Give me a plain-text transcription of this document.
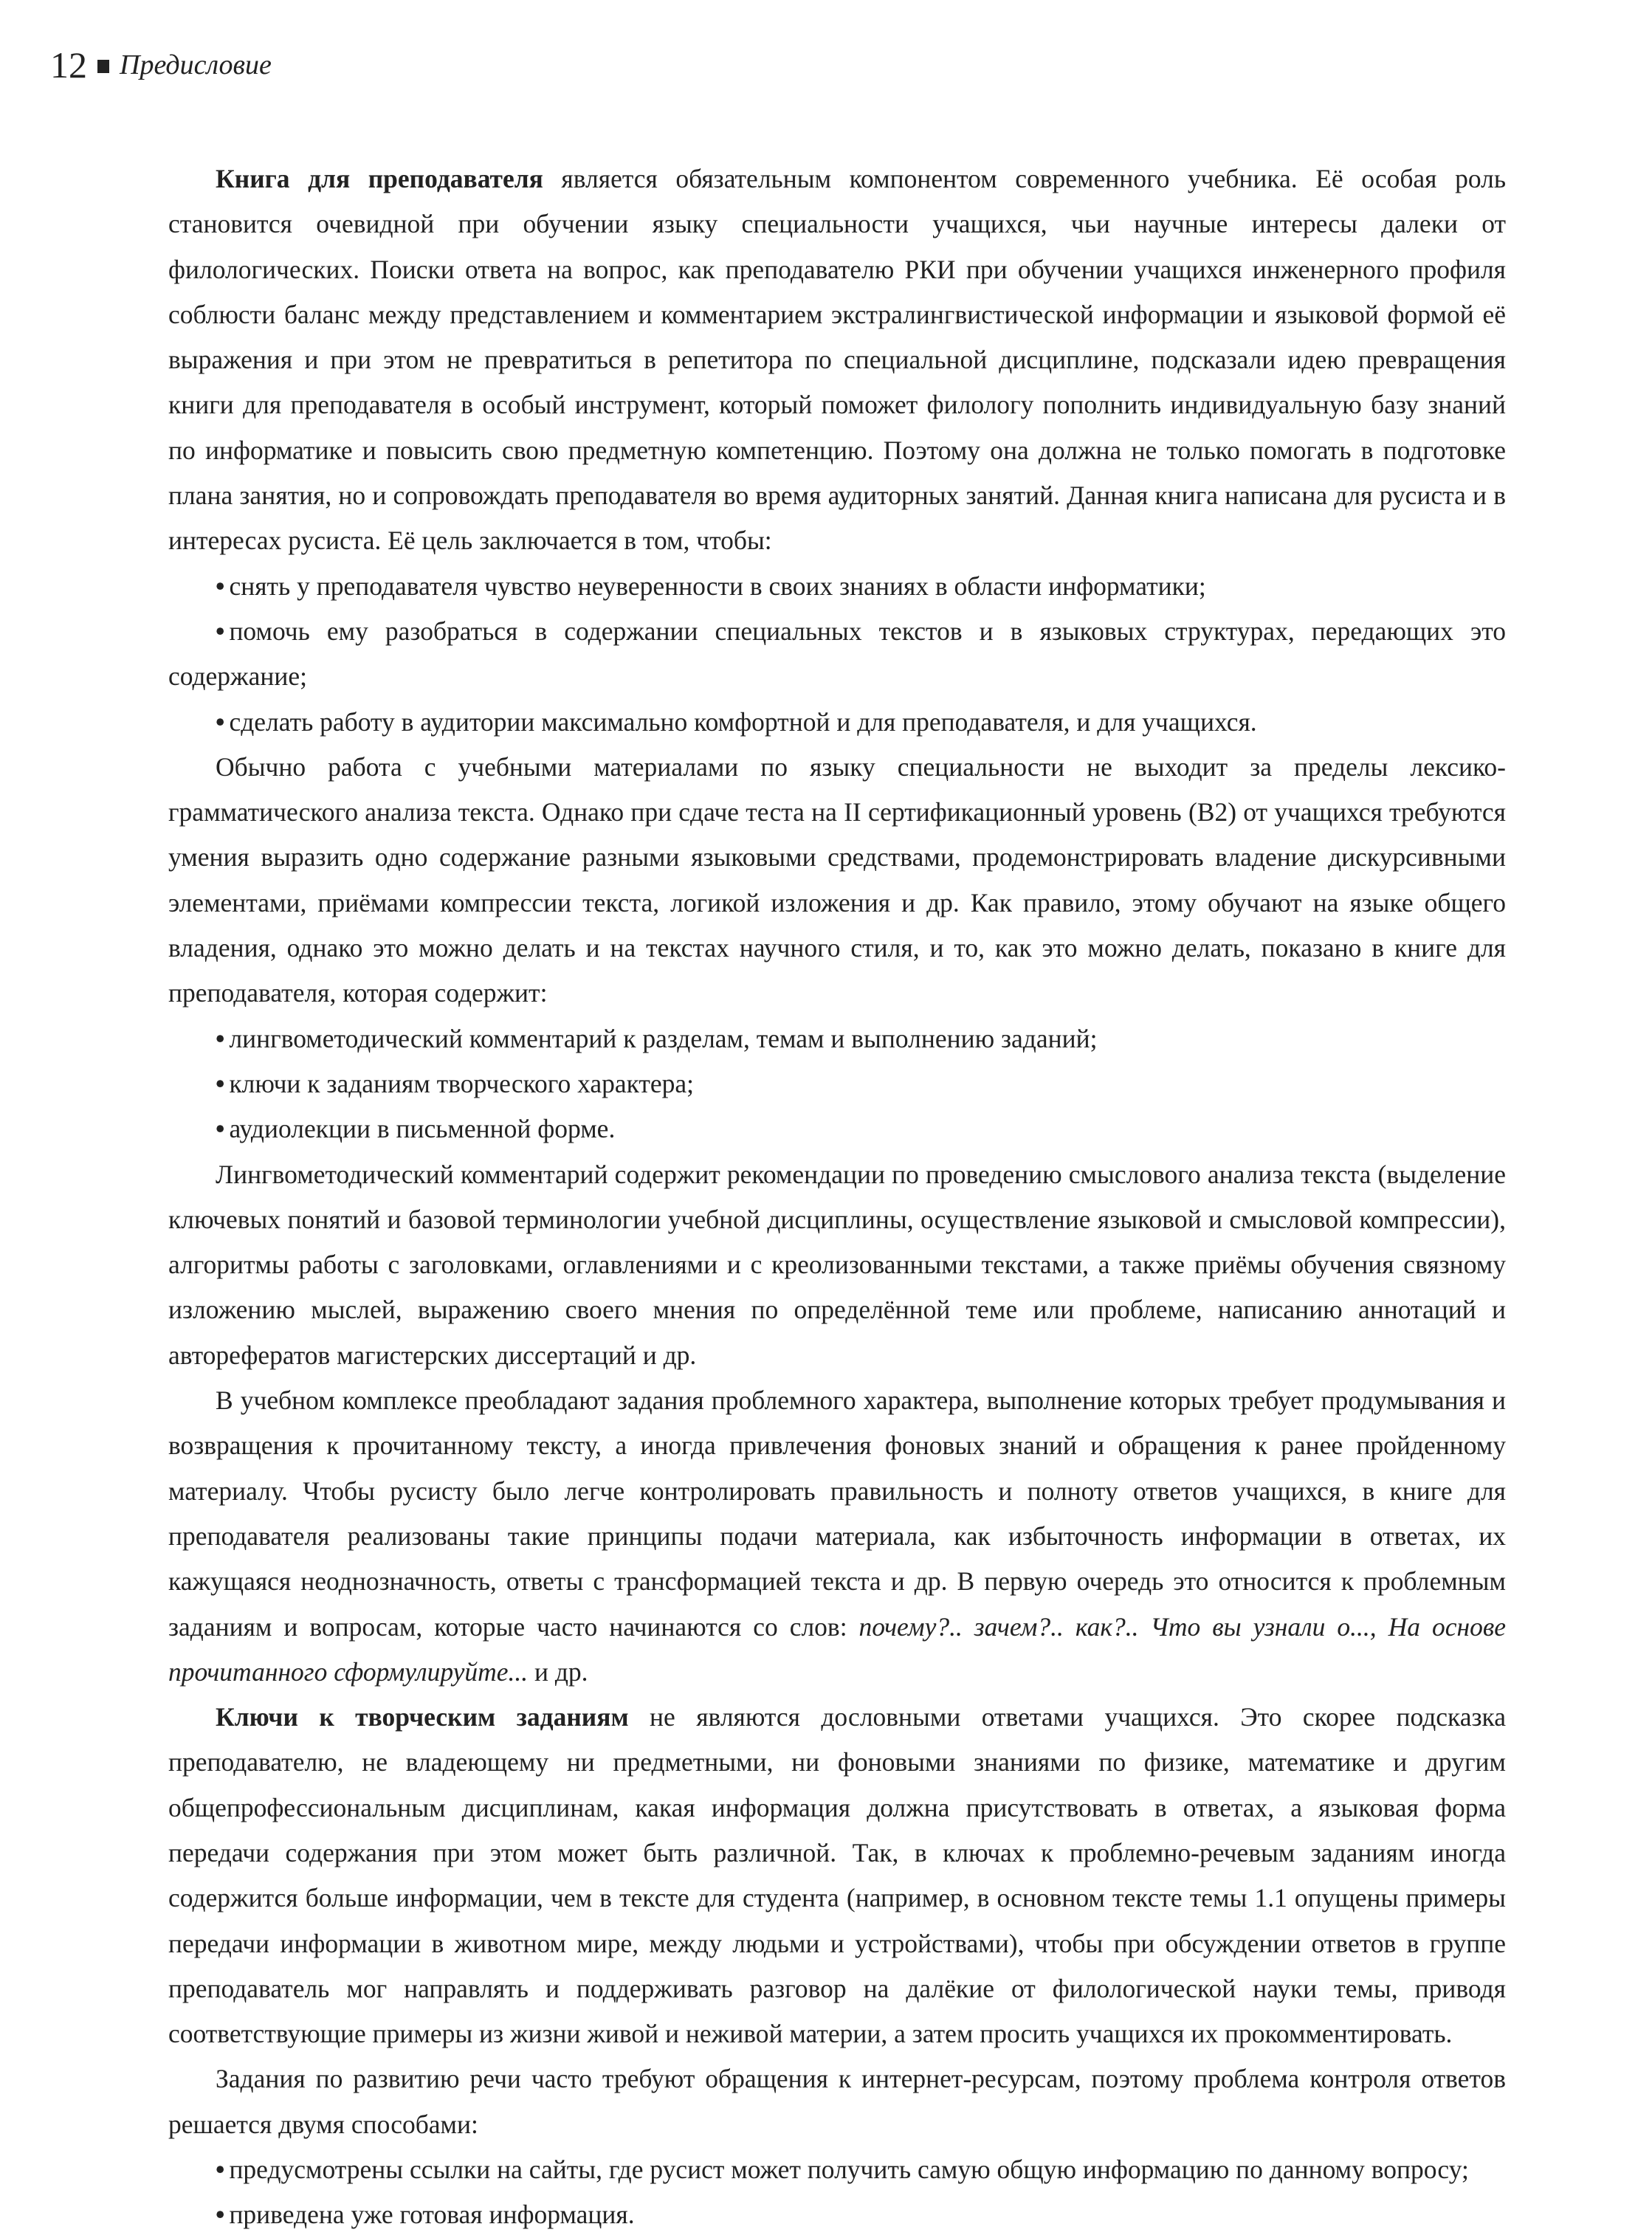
12 Предисловие

Книга для преподавателя является обязательным компонентом современного учебника. Её особая роль становится очевидной при обучении языку специальности учащихся, чьи научные интересы далеки от филологических. Поиски ответа на вопрос, как преподавателю РКИ при обучении учащихся инженерного профиля соблюсти баланс между представлением и комментарием экстралингвистической информации и языковой формой её выражения и при этом не превратиться в репетитора по специальной дисциплине, подсказали идею превращения книги для преподавателя в особый инструмент, который поможет филологу пополнить индивидуальную базу знаний по информатике и повысить свою предметную компетенцию. Поэтому она должна не только помогать в подготовке плана занятия, но и сопровождать преподавателя во время аудиторных занятий. Данная книга написана для русиста и в интересах русиста. Её цель заключается в том, чтобы:

• снять у преподавателя чувство неуверенности в своих знаниях в области информатики;

• помочь ему разобраться в содержании специальных текстов и в языковых структурах, передающих это содержание;

• сделать работу в аудитории максимально комфортной и для преподавателя, и для учащихся.

Обычно работа с учебными материалами по языку специальности не выходит за пределы лексико-грамматического анализа текста. Однако при сдаче теста на II сертификационный уровень (В2) от учащихся требуются умения выразить одно содержание разными языковыми средствами, продемонстрировать владение дискурсивными элементами, приёмами компрессии текста, логикой изложения и др. Как правило, этому обучают на языке общего владения, однако это можно делать и на текстах научного стиля, и то, как это можно делать, показано в книге для преподавателя, которая содержит:

• лингвометодический комментарий к разделам, темам и выполнению заданий;

• ключи к заданиям творческого характера;

• аудиолекции в письменной форме.

Лингвометодический комментарий содержит рекомендации по проведению смыслового анализа текста (выделение ключевых понятий и базовой терминологии учебной дисциплины, осуществление языковой и смысловой компрессии), алгоритмы работы с заголовками, оглавлениями и с креолизованными текстами, а также приёмы обучения связному изложению мыслей, выражению своего мнения по определённой теме или проблеме, написанию аннотаций и авторефератов магистерских диссертаций и др.

В учебном комплексе преобладают задания проблемного характера, выполнение которых требует продумывания и возвращения к прочитанному тексту, а иногда привлечения фоновых знаний и обращения к ранее пройденному материалу. Чтобы русисту было легче контролировать правильность и полноту ответов учащихся, в книге для преподавателя реализованы такие принципы подачи материала, как избыточность информации в ответах, их кажущаяся неоднозначность, ответы с трансформацией текста и др. В первую очередь это относится к проблемным заданиям и вопросам, которые часто начинаются со слов: почему?.. зачем?.. как?.. Что вы узнали о..., На основе прочитанного сформулируйте... и др.

Ключи к творческим заданиям не являются дословными ответами учащихся. Это скорее подсказка преподавателю, не владеющему ни предметными, ни фоновыми знаниями по физике, математике и другим общепрофессиональным дисциплинам, какая информация должна присутствовать в ответах, а языковая форма передачи содержания при этом может быть различной. Так, в ключах к проблемно-речевым заданиям иногда содержится больше информации, чем в тексте для студента (например, в основном тексте темы 1.1 опущены примеры передачи информации в животном мире, между людьми и устройствами), чтобы при обсуждении ответов в группе преподаватель мог направлять и поддерживать разговор на далёкие от филологической науки темы, приводя соответствующие примеры из жизни живой и неживой материи, а затем просить учащихся их прокомментировать.

Задания по развитию речи часто требуют обращения к интернет-ресурсам, поэтому проблема контроля ответов решается двумя способами:

• предусмотрены ссылки на сайты, где русист может получить самую общую информацию по данному вопросу;

• приведена уже готовая информация.
